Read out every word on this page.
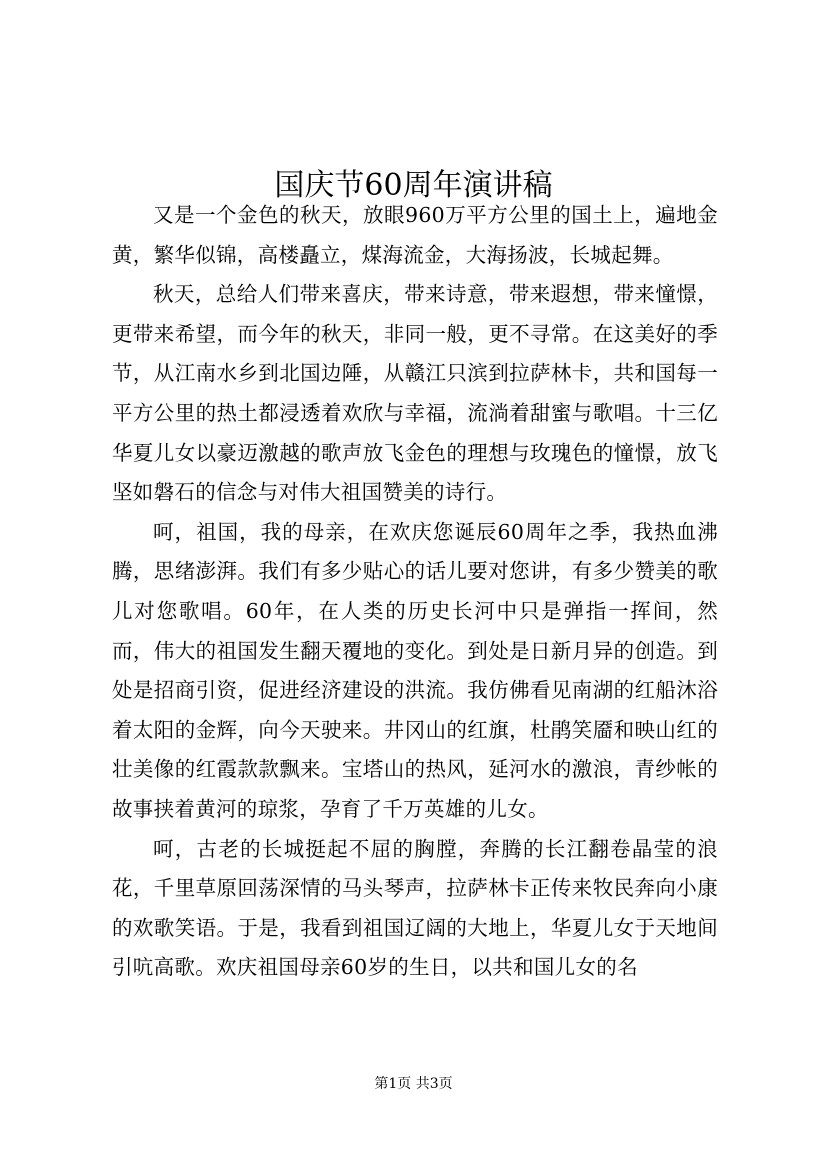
国庆节60周年演讲稿

又是一个金色的秋天，放眼960万平方公里的国土上，遍地金黄，繁华似锦，高楼矗立，煤海流金，大海扬波，长城起舞。

秋天，总给人们带来喜庆，带来诗意，带来遐想，带来憧憬，更带来希望，而今年的秋天，非同一般，更不寻常。在这美好的季节，从江南水乡到北国边陲，从赣江只滨到拉萨林卡，共和国每一平方公里的热土都浸透着欢欣与幸福，流淌着甜蜜与歌唱。十三亿华夏儿女以豪迈激越的歌声放飞金色的理想与玫瑰色的憧憬，放飞坚如磐石的信念与对伟大祖国赞美的诗行。

呵，祖国，我的母亲，在欢庆您诞辰60周年之季，我热血沸腾，思绪澎湃。我们有多少贴心的话儿要对您讲，有多少赞美的歌儿对您歌唱。60年，在人类的历史长河中只是弹指一挥间，然而，伟大的祖国发生翻天覆地的变化。到处是日新月异的创造。到处是招商引资，促进经济建设的洪流。我仿佛看见南湖的红船沐浴着太阳的金辉，向今天驶来。井冈山的红旗，杜鹃笑靥和映山红的壮美像的红霞款款飘来。宝塔山的热风，延河水的激浪，青纱帐的故事挟着黄河的琼浆，孕育了千万英雄的儿女。

呵，古老的长城挺起不屈的胸膛，奔腾的长江翻卷晶莹的浪花，千里草原回荡深情的马头琴声，拉萨林卡正传来牧民奔向小康的欢歌笑语。于是，我看到祖国辽阔的大地上，华夏儿女于天地间引吭高歌。欢庆祖国母亲60岁的生日，以共和国儿女的名

第1页 共3页
